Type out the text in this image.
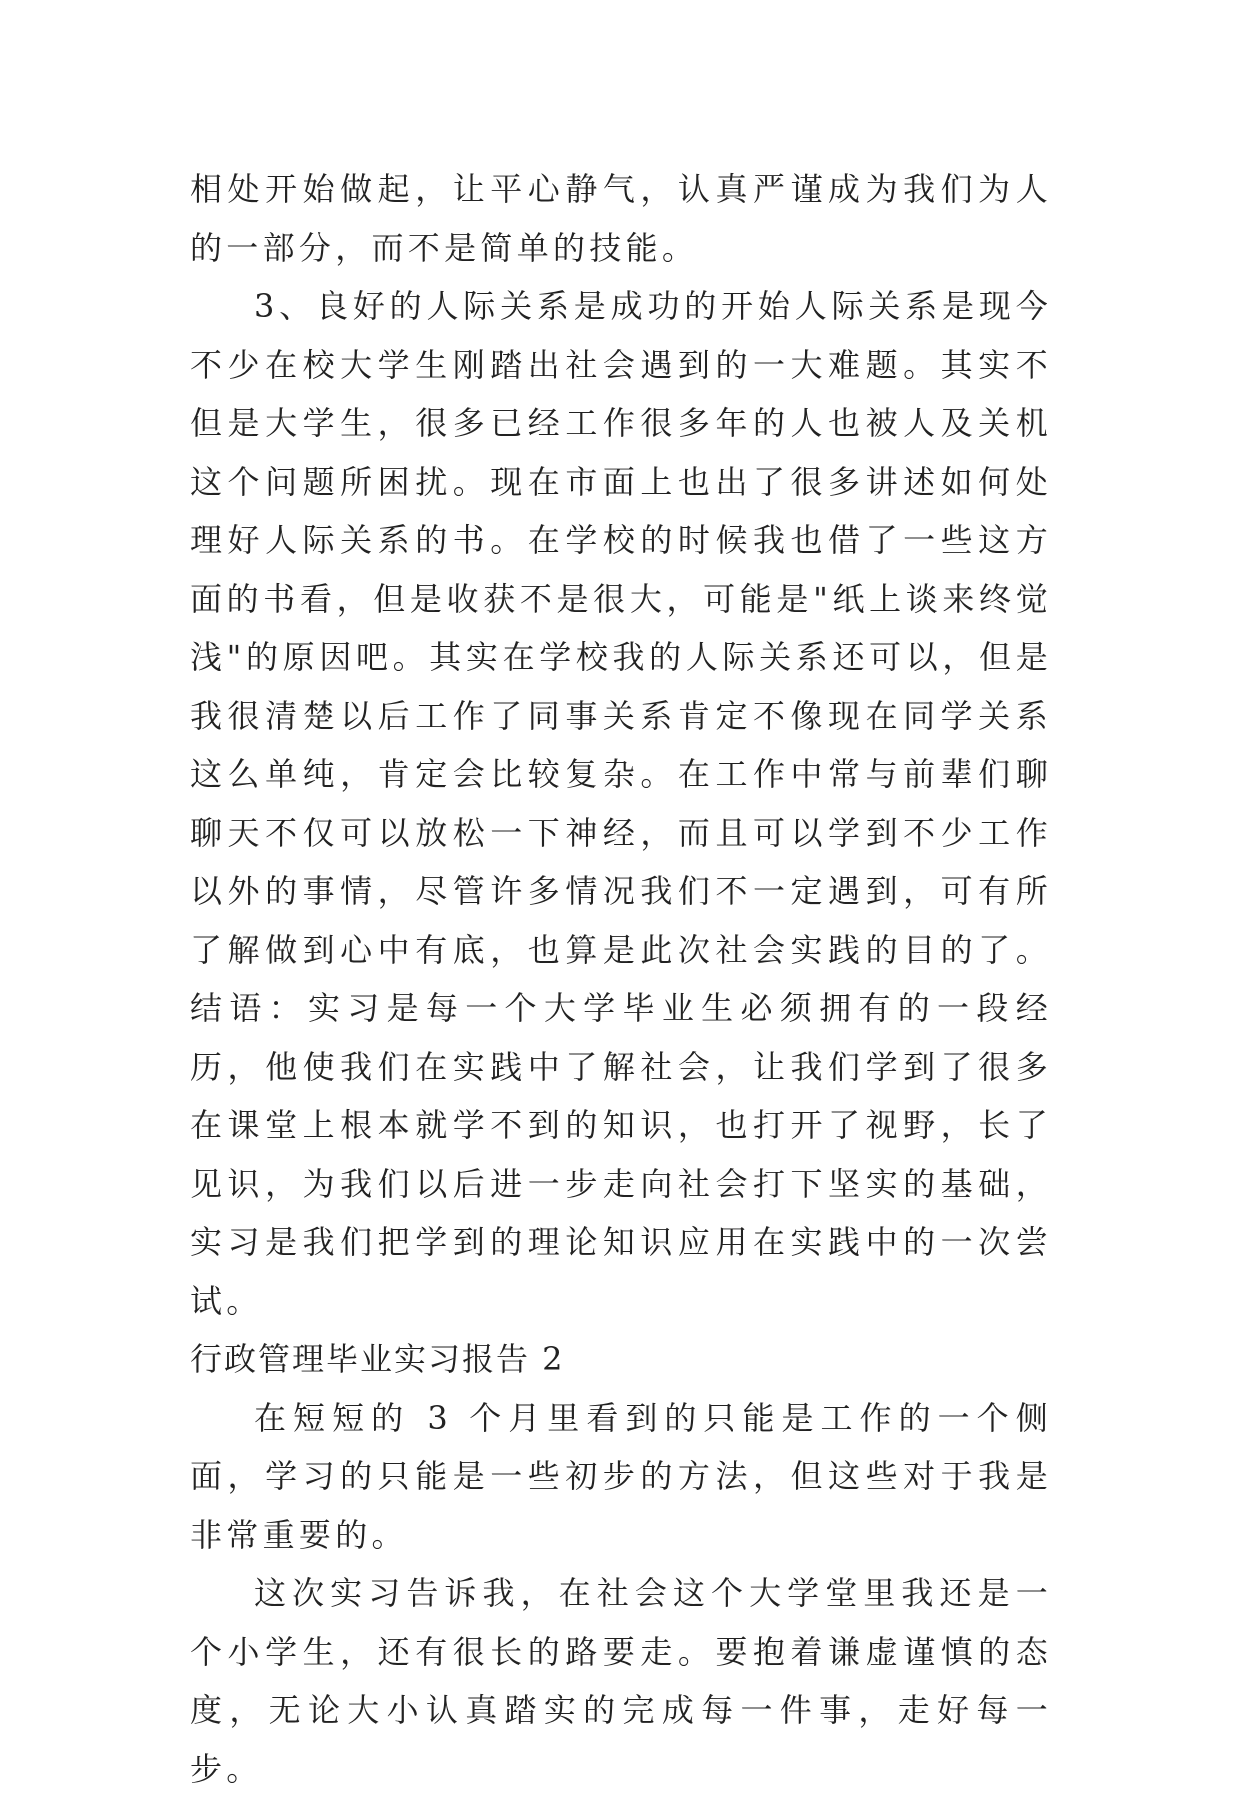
相处开始做起，让平心静气，认真严谨成为我们为人的一部分，而不是简单的技能。

3、良好的人际关系是成功的开始人际关系是现今不少在校大学生刚踏出社会遇到的一大难题。其实不但是大学生，很多已经工作很多年的人也被人及关机这个问题所困扰。现在市面上也出了很多讲述如何处理好人际关系的书。在学校的时候我也借了一些这方面的书看，但是收获不是很大，可能是"纸上谈来终觉浅"的原因吧。其实在学校我的人际关系还可以，但是我很清楚以后工作了同事关系肯定不像现在同学关系这么单纯，肯定会比较复杂。在工作中常与前辈们聊聊天不仅可以放松一下神经，而且可以学到不少工作以外的事情，尽管许多情况我们不一定遇到，可有所了解做到心中有底，也算是此次社会实践的目的了。结语：实习是每一个大学毕业生必须拥有的一段经历，他使我们在实践中了解社会，让我们学到了很多在课堂上根本就学不到的知识，也打开了视野，长了见识，为我们以后进一步走向社会打下坚实的基础，实习是我们把学到的理论知识应用在实践中的一次尝试。

行政管理毕业实习报告 2

在短短的 3 个月里看到的只能是工作的一个侧面，学习的只能是一些初步的方法，但这些对于我是非常重要的。

这次实习告诉我，在社会这个大学堂里我还是一个小学生，还有很长的路要走。要抱着谦虚谨慎的态度，无论大小认真踏实的完成每一件事，走好每一步。
